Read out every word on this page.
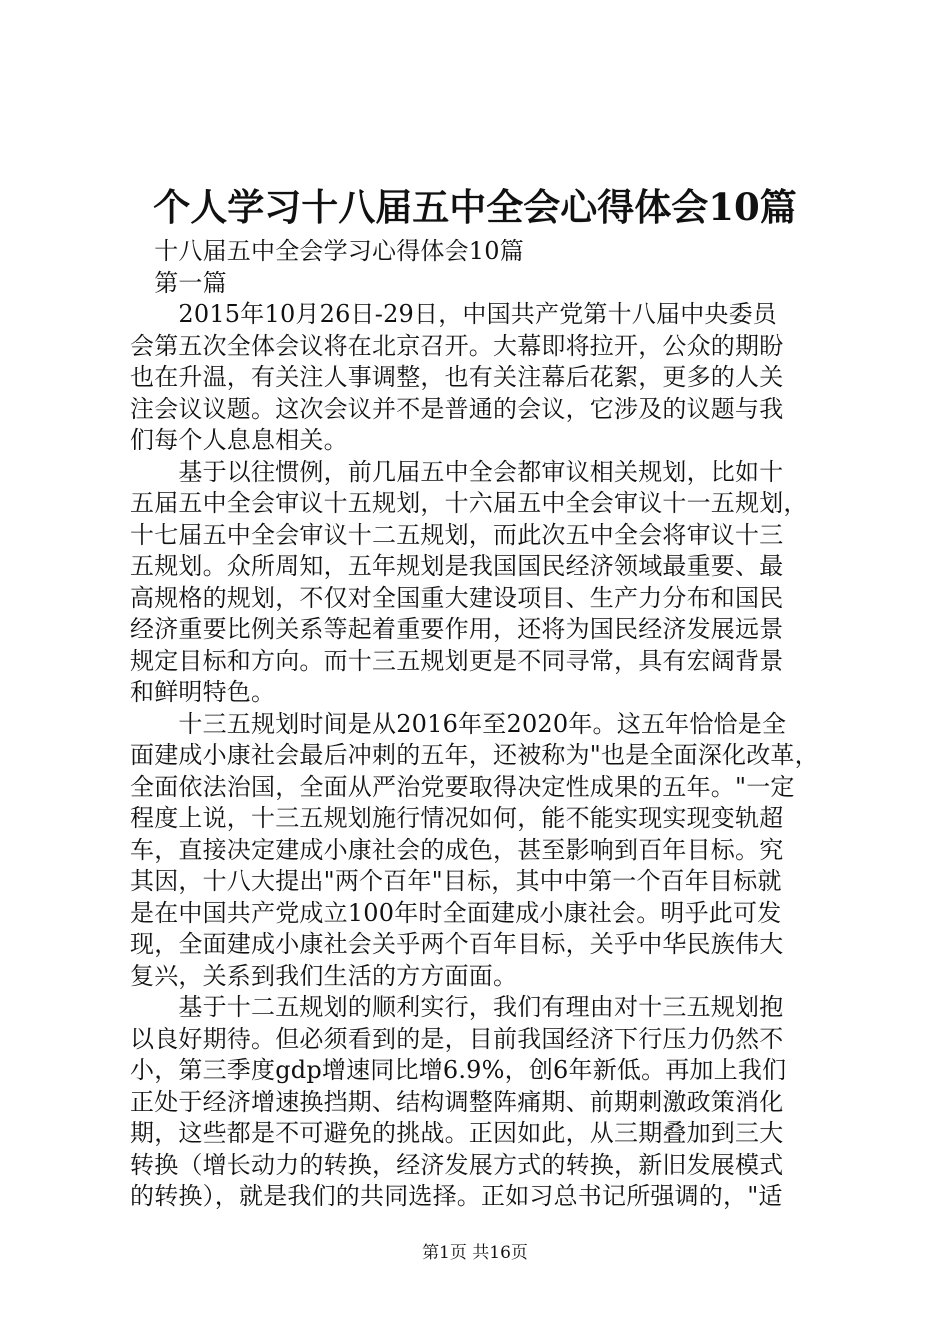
个人学习十八届五中全会心得体会10篇
　十八届五中全会学习心得体会10篇
　第一篇
　　2015年10月26日-29日，中国共产党第十八届中央委员
会第五次全体会议将在北京召开。大幕即将拉开，公众的期盼
也在升温，有关注人事调整，也有关注幕后花絮，更多的人关
注会议议题。这次会议并不是普通的会议，它涉及的议题与我
们每个人息息相关。
　　基于以往惯例，前几届五中全会都审议相关规划，比如十
五届五中全会审议十五规划，十六届五中全会审议十一五规划，
十七届五中全会审议十二五规划，而此次五中全会将审议十三
五规划。众所周知，五年规划是我国国民经济领域最重要、最
高规格的规划，不仅对全国重大建设项目、生产力分布和国民
经济重要比例关系等起着重要作用，还将为国民经济发展远景
规定目标和方向。而十三五规划更是不同寻常，具有宏阔背景
和鲜明特色。
　　十三五规划时间是从2016年至2020年。这五年恰恰是全
面建成小康社会最后冲刺的五年，还被称为"也是全面深化改革，
全面依法治国，全面从严治党要取得决定性成果的五年。"一定
程度上说，十三五规划施行情况如何，能不能实现实现变轨超
车，直接决定建成小康社会的成色，甚至影响到百年目标。究
其因，十八大提出"两个百年"目标，其中中第一个百年目标就
是在中国共产党成立100年时全面建成小康社会。明乎此可发
现，全面建成小康社会关乎两个百年目标，关乎中华民族伟大
复兴，关系到我们生活的方方面面。
　　基于十二五规划的顺利实行，我们有理由对十三五规划抱
以良好期待。但必须看到的是，目前我国经济下行压力仍然不
小，第三季度gdp增速同比增6.9%，创6年新低。再加上我们
正处于经济增速换挡期、结构调整阵痛期、前期刺激政策消化
期，这些都是不可避免的挑战。正因如此，从三期叠加到三大
转换（增长动力的转换，经济发展方式的转换，新旧发展模式
的转换），就是我们的共同选择。正如习总书记所强调的，"适
第1页 共16页
